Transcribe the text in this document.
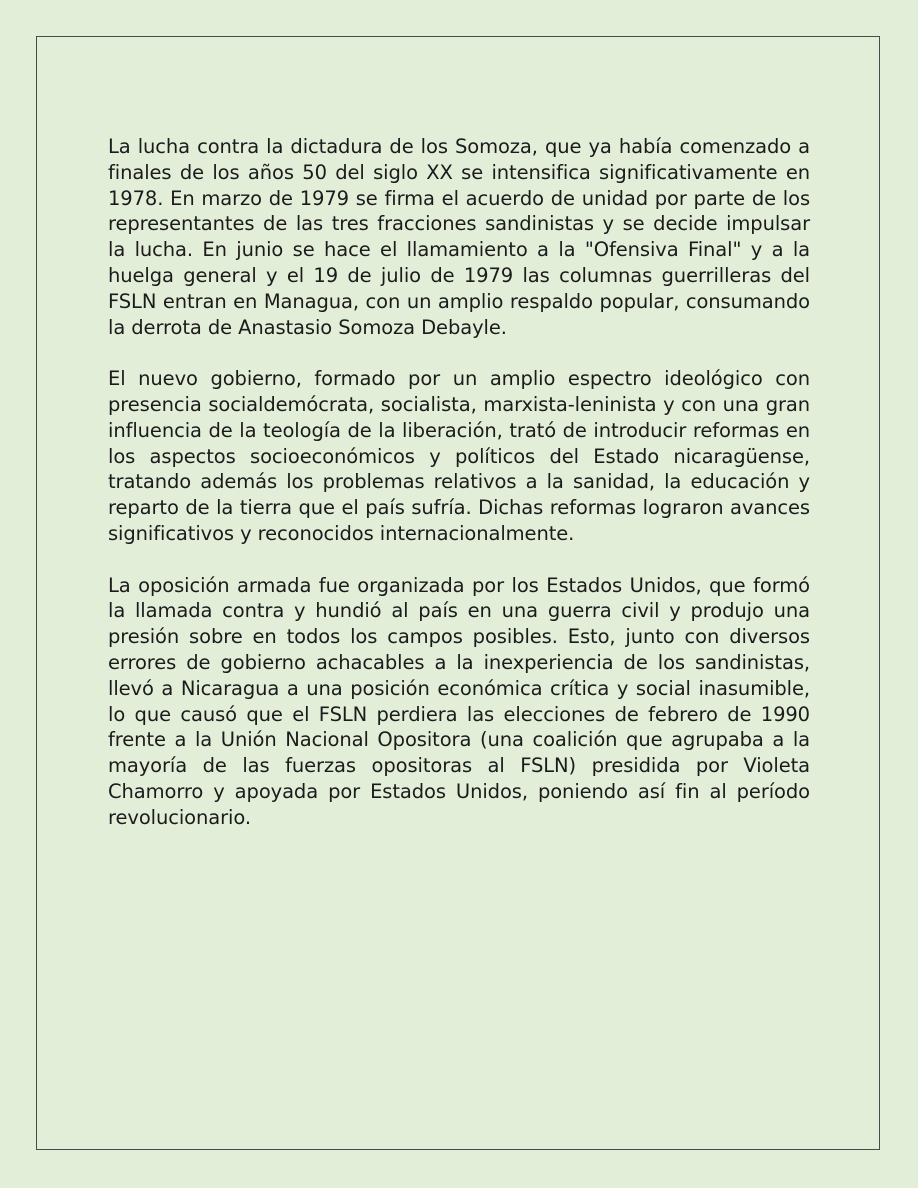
La lucha contra la dictadura de los Somoza, que ya había comenzado a finales de los años 50 del siglo XX se intensifica significativamente en 1978. En marzo de 1979 se firma el acuerdo de unidad por parte de los representantes de las tres fracciones sandinistas y se decide impulsar la lucha. En junio se hace el llamamiento a la "Ofensiva Final" y a la huelga general y el 19 de julio de 1979 las columnas guerrilleras del FSLN entran en Managua, con un amplio respaldo popular, consumando la derrota de Anastasio Somoza Debayle.

El nuevo gobierno, formado por un amplio espectro ideológico con presencia socialdemócrata, socialista, marxista-leninista y con una gran influencia de la teología de la liberación, trató de introducir reformas en los aspectos socioeconómicos y políticos del Estado nicaragüense, tratando además los problemas relativos a la sanidad, la educación y reparto de la tierra que el país sufría. Dichas reformas lograron avances significativos y reconocidos internacionalmente.

La oposición armada fue organizada por los Estados Unidos, que formó la llamada contra y hundió al país en una guerra civil y produjo una presión sobre en todos los campos posibles. Esto, junto con diversos errores de gobierno achacables a la inexperiencia de los sandinistas, llevó a Nicaragua a una posición económica crítica y social inasumible, lo que causó que el FSLN perdiera las elecciones de febrero de 1990 frente a la Unión Nacional Opositora (una coalición que agrupaba a la mayoría de las fuerzas opositoras al FSLN) presidida por Violeta Chamorro y apoyada por Estados Unidos, poniendo así fin al período revolucionario.
